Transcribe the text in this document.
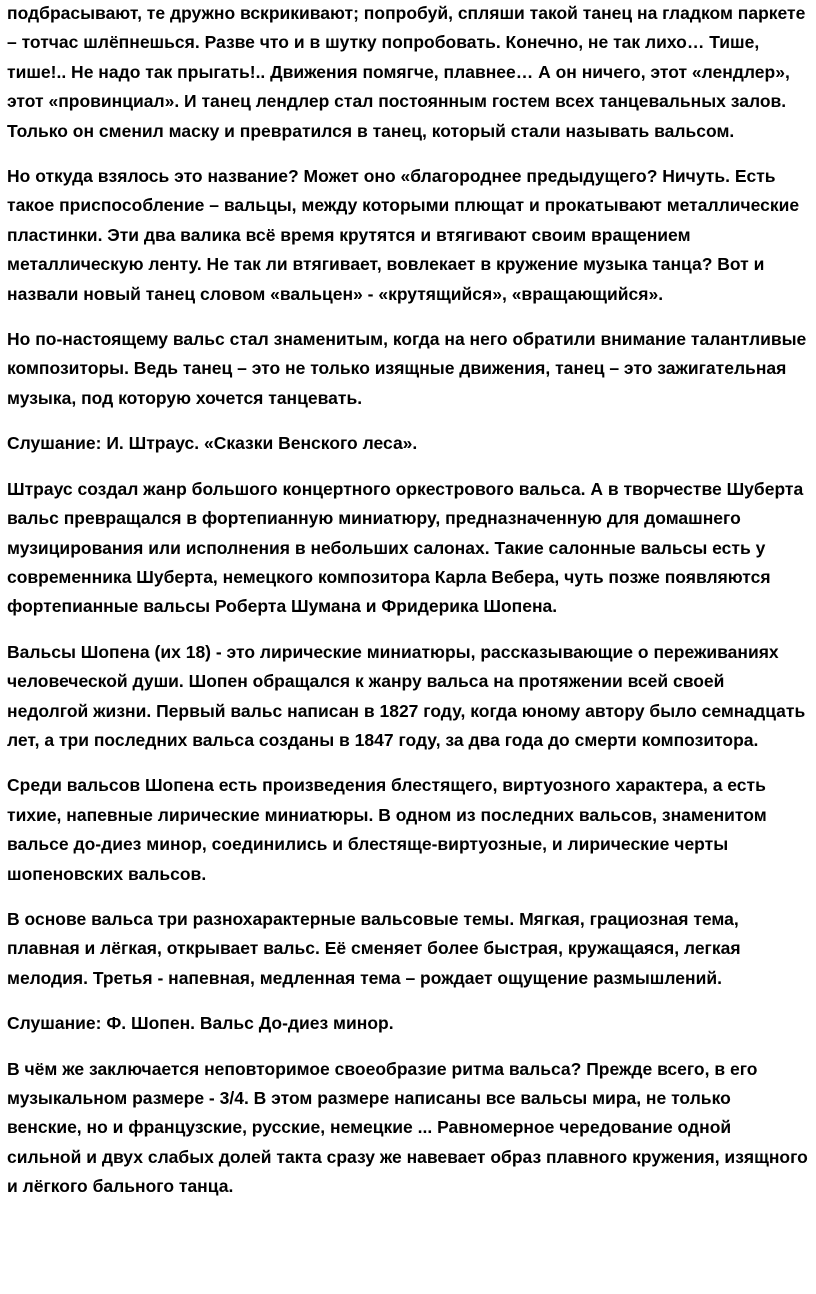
подбрасывают, те дружно вскрикивают; попробуй, спляши такой танец на гладком паркете – тотчас шлёпнешься. Разве что и в шутку попробовать. Конечно, не так лихо… Тише, тише!.. Не надо так прыгать!.. Движения помягче, плавнее… А он ничего, этот «лендлер», этот «провинциал». И танец лендлер стал постоянным гостем всех танцевальных залов. Только он сменил маску и превратился в танец, который стали называть вальсом.

Но откуда взялось это название? Может оно «благороднее предыдущего? Ничуть. Есть такое приспособление – вальцы, между которыми плющат и прокатывают металлические пластинки. Эти два валика всё время крутятся и втягивают своим вращением металлическую ленту. Не так ли втягивает, вовлекает в кружение музыка танца? Вот и назвали новый танец словом «вальцен» - «крутящийся», «вращающийся».

Но по-настоящему вальс стал знаменитым, когда на него обратили внимание талантливые композиторы. Ведь танец – это не только изящные движения, танец – это зажигательная музыка, под которую хочется танцевать.

Слушание: И. Штраус. «Сказки Венского леса».

Штраус создал жанр большого концертного оркестрового вальса. А в творчестве Шуберта вальс превращался в фортепианную миниатюру, предназначенную для домашнего музицирования или исполнения в небольших салонах. Такие салонные вальсы есть у современника Шуберта, немецкого композитора Карла Вебера, чуть позже появляются фортепианные вальсы Роберта Шумана и Фридерика Шопена.

Вальсы Шопена (их 18) - это лирические миниатюры, рассказывающие о переживаниях человеческой души. Шопен обращался к жанру вальса на протяжении всей своей недолгой жизни. Первый вальс написан в 1827 году, когда юному автору было семнадцать лет, а три последних вальса созданы в 1847 году, за два года до смерти композитора.

Среди вальсов Шопена есть произведения блестящего, виртуозного характера, а есть тихие, напевные лирические миниатюры. В одном из последних вальсов, знаменитом вальсе до-диез минор, соединились и блестяще-виртуозные, и лирические черты шопеновских вальсов.

В основе вальса три разнохарактерные вальсовые темы. Мягкая, грациозная тема, плавная и лёгкая, открывает вальс. Её сменяет более быстрая, кружащаяся, легкая мелодия. Третья - напевная, медленная тема – рождает ощущение размышлений.

Слушание: Ф. Шопен. Вальс До-диез минор.

В чём же заключается неповторимое своеобразие ритма вальса? Прежде всего, в его музыкальном размере - 3/4. В этом размере написаны все вальсы мира, не только венские, но и французские, русские, немецкие ... Равномерное чередование одной сильной и двух слабых долей такта сразу же навевает образ плавного кружения, изящного и лёгкого бального танца.
